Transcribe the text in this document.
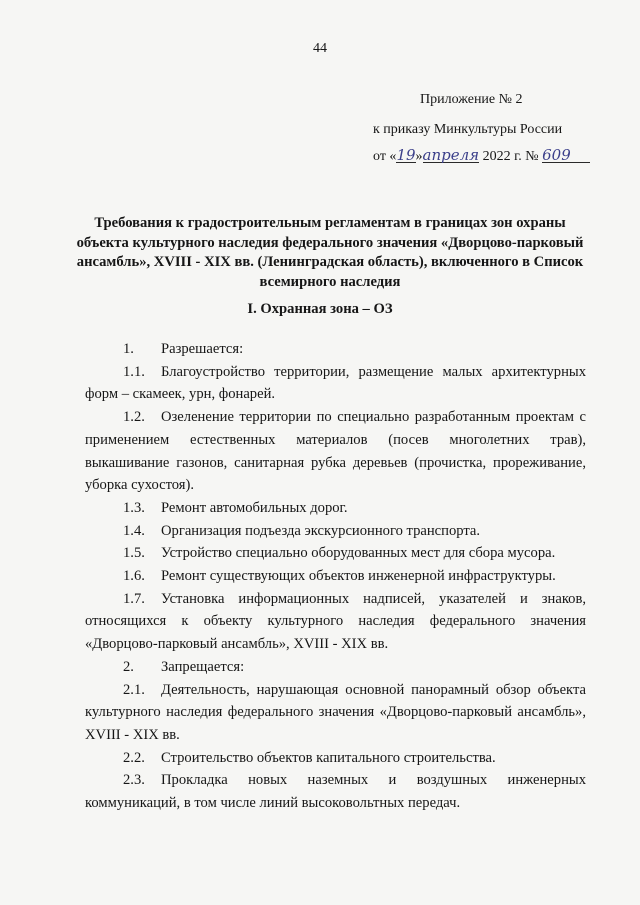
44
Приложение № 2
к приказу Минкультуры России
от «19»апреля 2022 г. № 609
Требования к градостроительным регламентам в границах зон охраны объекта культурного наследия федерального значения «Дворцово-парковый ансамбль», XVIII - XIX вв. (Ленинградская область), включенного в Список всемирного наследия
I. Охранная зона – ОЗ

1. Разрешается:

1.1. Благоустройство территории, размещение малых архитектурных форм – скамеек, урн, фонарей.

1.2. Озеленение территории по специально разработанным проектам с применением естественных материалов (посев многолетних трав), выкашивание газонов, санитарная рубка деревьев (прочистка, прореживание, уборка сухостоя).

1.3. Ремонт автомобильных дорог.

1.4. Организация подъезда экскурсионного транспорта.

1.5. Устройство специально оборудованных мест для сбора мусора.

1.6. Ремонт существующих объектов инженерной инфраструктуры.

1.7. Установка информационных надписей, указателей и знаков, относящихся к объекту культурного наследия федерального значения «Дворцово-парковый ансамбль», XVIII - XIX вв.

2. Запрещается:

2.1. Деятельность, нарушающая основной панорамный обзор объекта культурного наследия федерального значения «Дворцово-парковый ансамбль», XVIII - XIX вв.

2.2. Строительство объектов капитального строительства.

2.3. Прокладка новых наземных и воздушных инженерных коммуникаций, в том числе линий высоковольтных передач.
